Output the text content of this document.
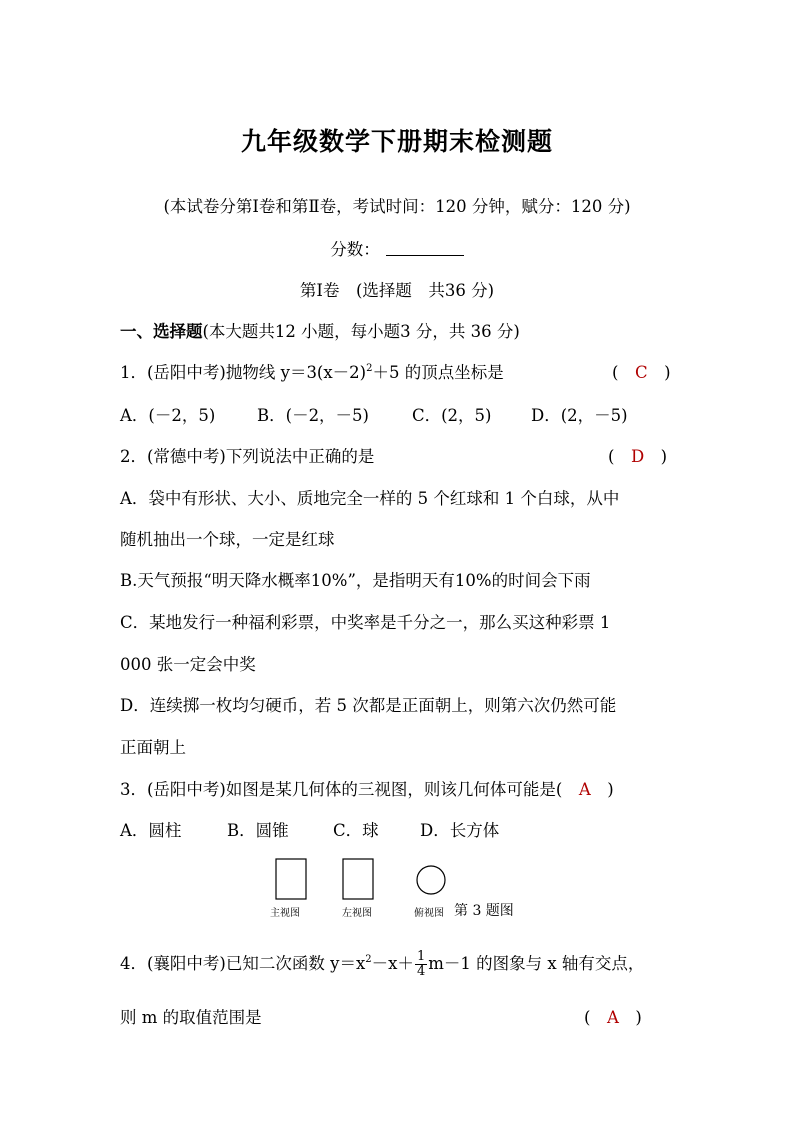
九年级数学下册期末检测题
(本试卷分第Ⅰ卷和第Ⅱ卷，考试时间：120 分钟，赋分：120 分)
分数：
第Ⅰ卷　(选择题　共36 分)
一、选择题(本大题共12 小题，每小题3 分，共 36 分)
1．(岳阳中考)抛物线 $y=3(x-2)^2+5$ 的顶点坐标是	(　C　)
A．(－2，5)	B．(－2，－5)	C．(2，5) D．(2，－5)
2．(常德中考)下列说法中正确的是	(　D　)
A．袋中有形状、大小、质地完全一样的 5 个红球和 1 个白球，从中
随机抽出一个球，一定是红球
B.天气预报“明天降水概率10%”，是指明天有10%的时间会下雨
C．某地发行一种福利彩票，中奖率是千分之一，那么买这种彩票 1
000 张一定会中奖
D．连续掷一枚均匀硬币，若 5 次都是正面朝上，则第六次仍然可能
正面朝上
3．(岳阳中考)如图是某几何体的三视图，则该几何体可能是(　 A　 )
A．圆柱	B．圆锥	C．球	D．长方体
主视图	左视图	俯视图 第 3 题图
4．(襄阳中考)已知二次函数 $y=x^2-x+ \frac{1}{4} m-1$ 的图象与 x 轴有交点，
则 m 的取值范围是	(　A　)
